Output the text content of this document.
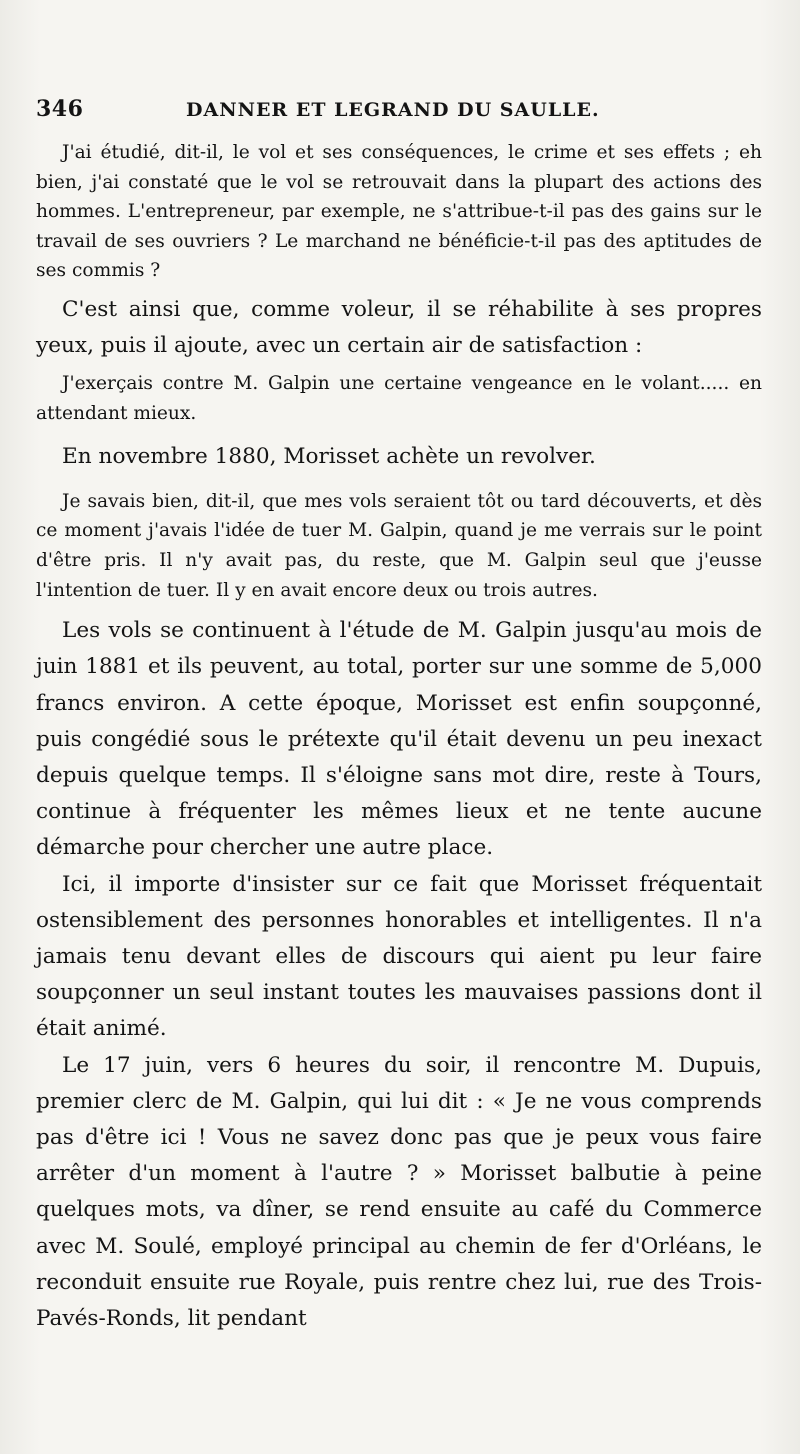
346	DANNER ET LEGRAND DU SAULLE.

J'ai étudié, dit-il, le vol et ses conséquences, le crime et ses effets ; eh bien, j'ai constaté que le vol se retrouvait dans la plupart des actions des hommes. L'entrepreneur, par exemple, ne s'attribue-t-il pas des gains sur le travail de ses ouvriers ? Le marchand ne bénéficie-t-il pas des aptitudes de ses commis ?

C'est ainsi que, comme voleur, il se réhabilite à ses propres yeux, puis il ajoute, avec un certain air de satisfaction :

J'exerçais contre M. Galpin une certaine vengeance en le volant..... en attendant mieux.

En novembre 1880, Morisset achète un revolver.

Je savais bien, dit-il, que mes vols seraient tôt ou tard découverts, et dès ce moment j'avais l'idée de tuer M. Galpin, quand je me verrais sur le point d'être pris. Il n'y avait pas, du reste, que M. Galpin seul que j'eusse l'intention de tuer. Il y en avait encore deux ou trois autres.

Les vols se continuent à l'étude de M. Galpin jusqu'au mois de juin 1881 et ils peuvent, au total, porter sur une somme de 5,000 francs environ. A cette époque, Morisset est enfin soupçonné, puis congédié sous le prétexte qu'il était devenu un peu inexact depuis quelque temps. Il s'éloigne sans mot dire, reste à Tours, continue à fréquenter les mêmes lieux et ne tente aucune démarche pour chercher une autre place.

Ici, il importe d'insister sur ce fait que Morisset fréquentait ostensiblement des personnes honorables et intelligentes. Il n'a jamais tenu devant elles de discours qui aient pu leur faire soupçonner un seul instant toutes les mauvaises passions dont il était animé.

Le 17 juin, vers 6 heures du soir, il rencontre M. Dupuis, premier clerc de M. Galpin, qui lui dit : « Je ne vous comprends pas d'être ici ! Vous ne savez donc pas que je peux vous faire arrêter d'un moment à l'autre ? » Morisset balbutie à peine quelques mots, va dîner, se rend ensuite au café du Commerce avec M. Soulé, employé principal au chemin de fer d'Orléans, le reconduit ensuite rue Royale, puis rentre chez lui, rue des Trois-Pavés-Ronds, lit pendant
